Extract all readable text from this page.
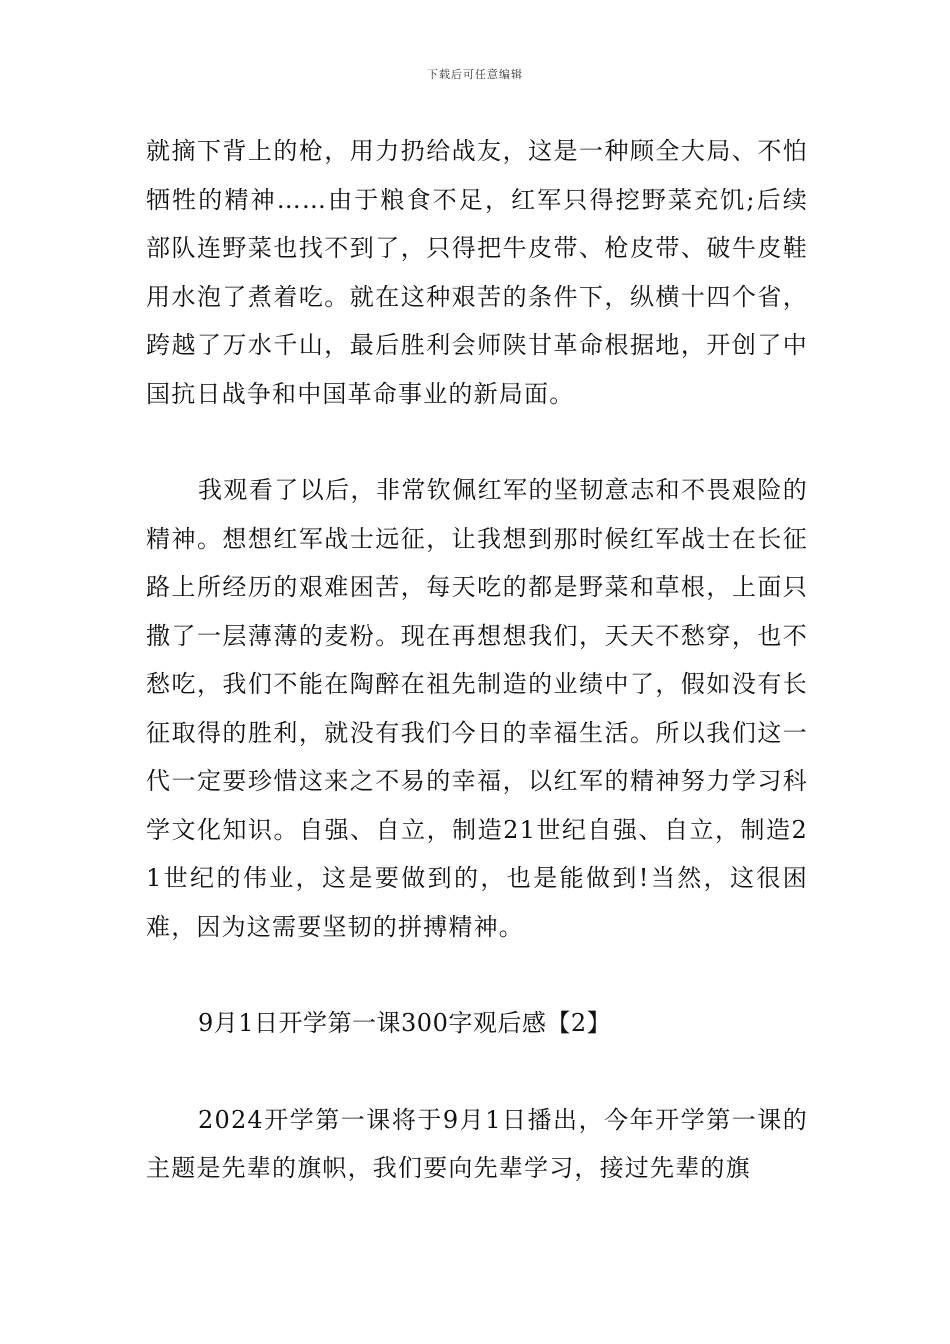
下载后可任意编辑

就摘下背上的枪，用力扔给战友，这是一种顾全大局、不怕牺牲的精神……由于粮食不足，红军只得挖野菜充饥;后续部队连野菜也找不到了，只得把牛皮带、枪皮带、破牛皮鞋用水泡了煮着吃。就在这种艰苦的条件下，纵横十四个省，跨越了万水千山，最后胜利会师陕甘革命根据地，开创了中国抗日战争和中国革命事业的新局面。

我观看了以后，非常钦佩红军的坚韧意志和不畏艰险的精神。想想红军战士远征，让我想到那时候红军战士在长征路上所经历的艰难困苦，每天吃的都是野菜和草根，上面只撒了一层薄薄的麦粉。现在再想想我们，天天不愁穿，也不愁吃，我们不能在陶醉在祖先制造的业绩中了，假如没有长征取得的胜利，就没有我们今日的幸福生活。所以我们这一代一定要珍惜这来之不易的幸福，以红军的精神努力学习科学文化知识。自强、自立，制造21世纪自强、自立，制造21世纪的伟业，这是要做到的，也是能做到!当然，这很困难，因为这需要坚韧的拼搏精神。

9月1日开学第一课300字观后感【2】

2024开学第一课将于9月1日播出，今年开学第一课的主题是先辈的旗帜，我们要向先辈学习，接过先辈的旗
